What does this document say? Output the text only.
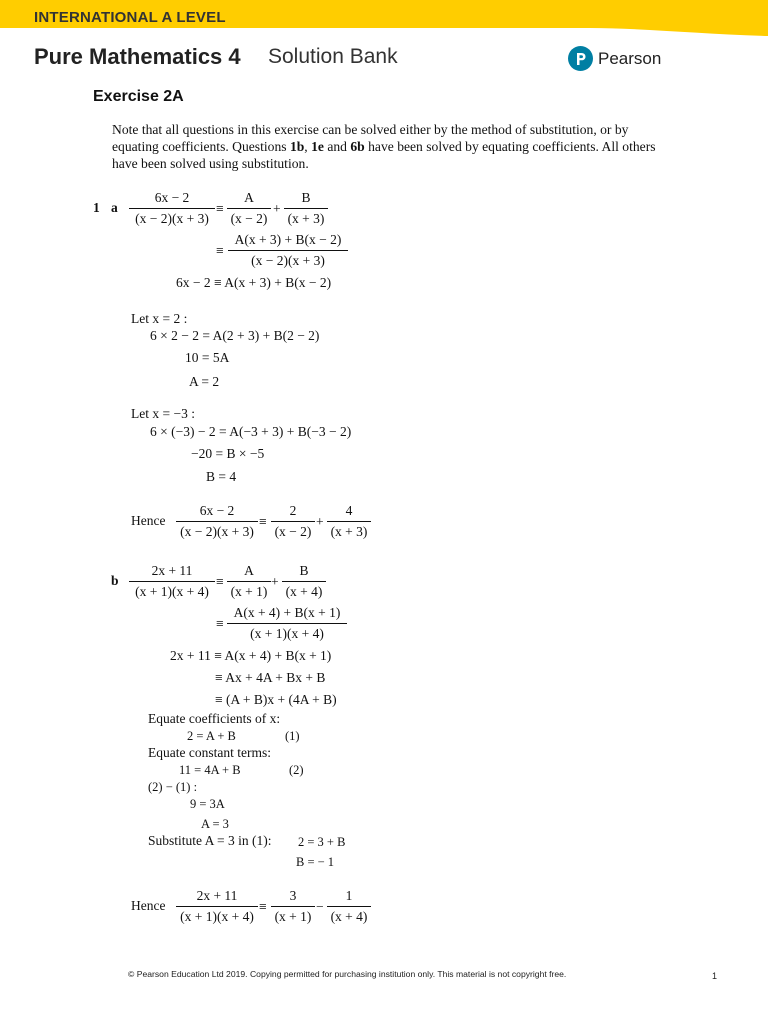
INTERNATIONAL A LEVEL
Pure Mathematics 4 Solution Bank	Pearson
Exercise 2A
Note that all questions in this exercise can be solved either by the method of substitution, or by equating coefficients. Questions 1b, 1e and 6b have been solved by equating coefficients. All others have been solved using substitution.
1 a $\frac{6x - 2}{(x - 2)(x + 3)} \equiv \frac{A}{(x - 2)} + \frac{B}{(x + 3)}$
≡ $\frac{A(x + 3) + B(x - 2)}{(x - 2)(x + 3)}$
6x − 2 ≡ A(x + 3) + B(x − 2)
Let x = 2 :
6 × 2 − 2 = A(2 + 3) + B(2 − 2)
10 = 5A
A = 2
Let x = −3 :
6 × (−3) − 2 = A(−3 + 3) + B(−3 − 2)
−20 = B × −5
B = 4
Hence $\frac{6x - 2}{(x - 2)(x + 3)} \equiv \frac{2}{(x - 2)} + \frac{4}{(x + 3)}$
b $\frac{2x + 11}{(x + 1)(x + 4)} \equiv \frac{A}{(x + 1)} + \frac{B}{(x + 4)}$
≡ $\frac{A(x + 4) + B(x + 1)}{(x + 1)(x + 4)}$
2x + 11 ≡ A(x + 4) + B(x + 1)
≡ Ax + 4A + Bx + B
≡ (A + B)x + (4A + B)
Equate coefficients of x:
2 = A + B	(1)
Equate constant terms:
11 = 4A + B	(2)
(2) − (1) :
9 = 3A
A = 3
Substitute A = 3 in (1): 2 = 3 + B
B = − 1
Hence $\frac{2x + 11}{(x + 1)(x + 4)} \equiv \frac{3}{(x + 1)} - \frac{1}{(x + 4)}$
© Pearson Education Ltd 2019. Copying permitted for purchasing institution only. This material is not copyright free.	1
